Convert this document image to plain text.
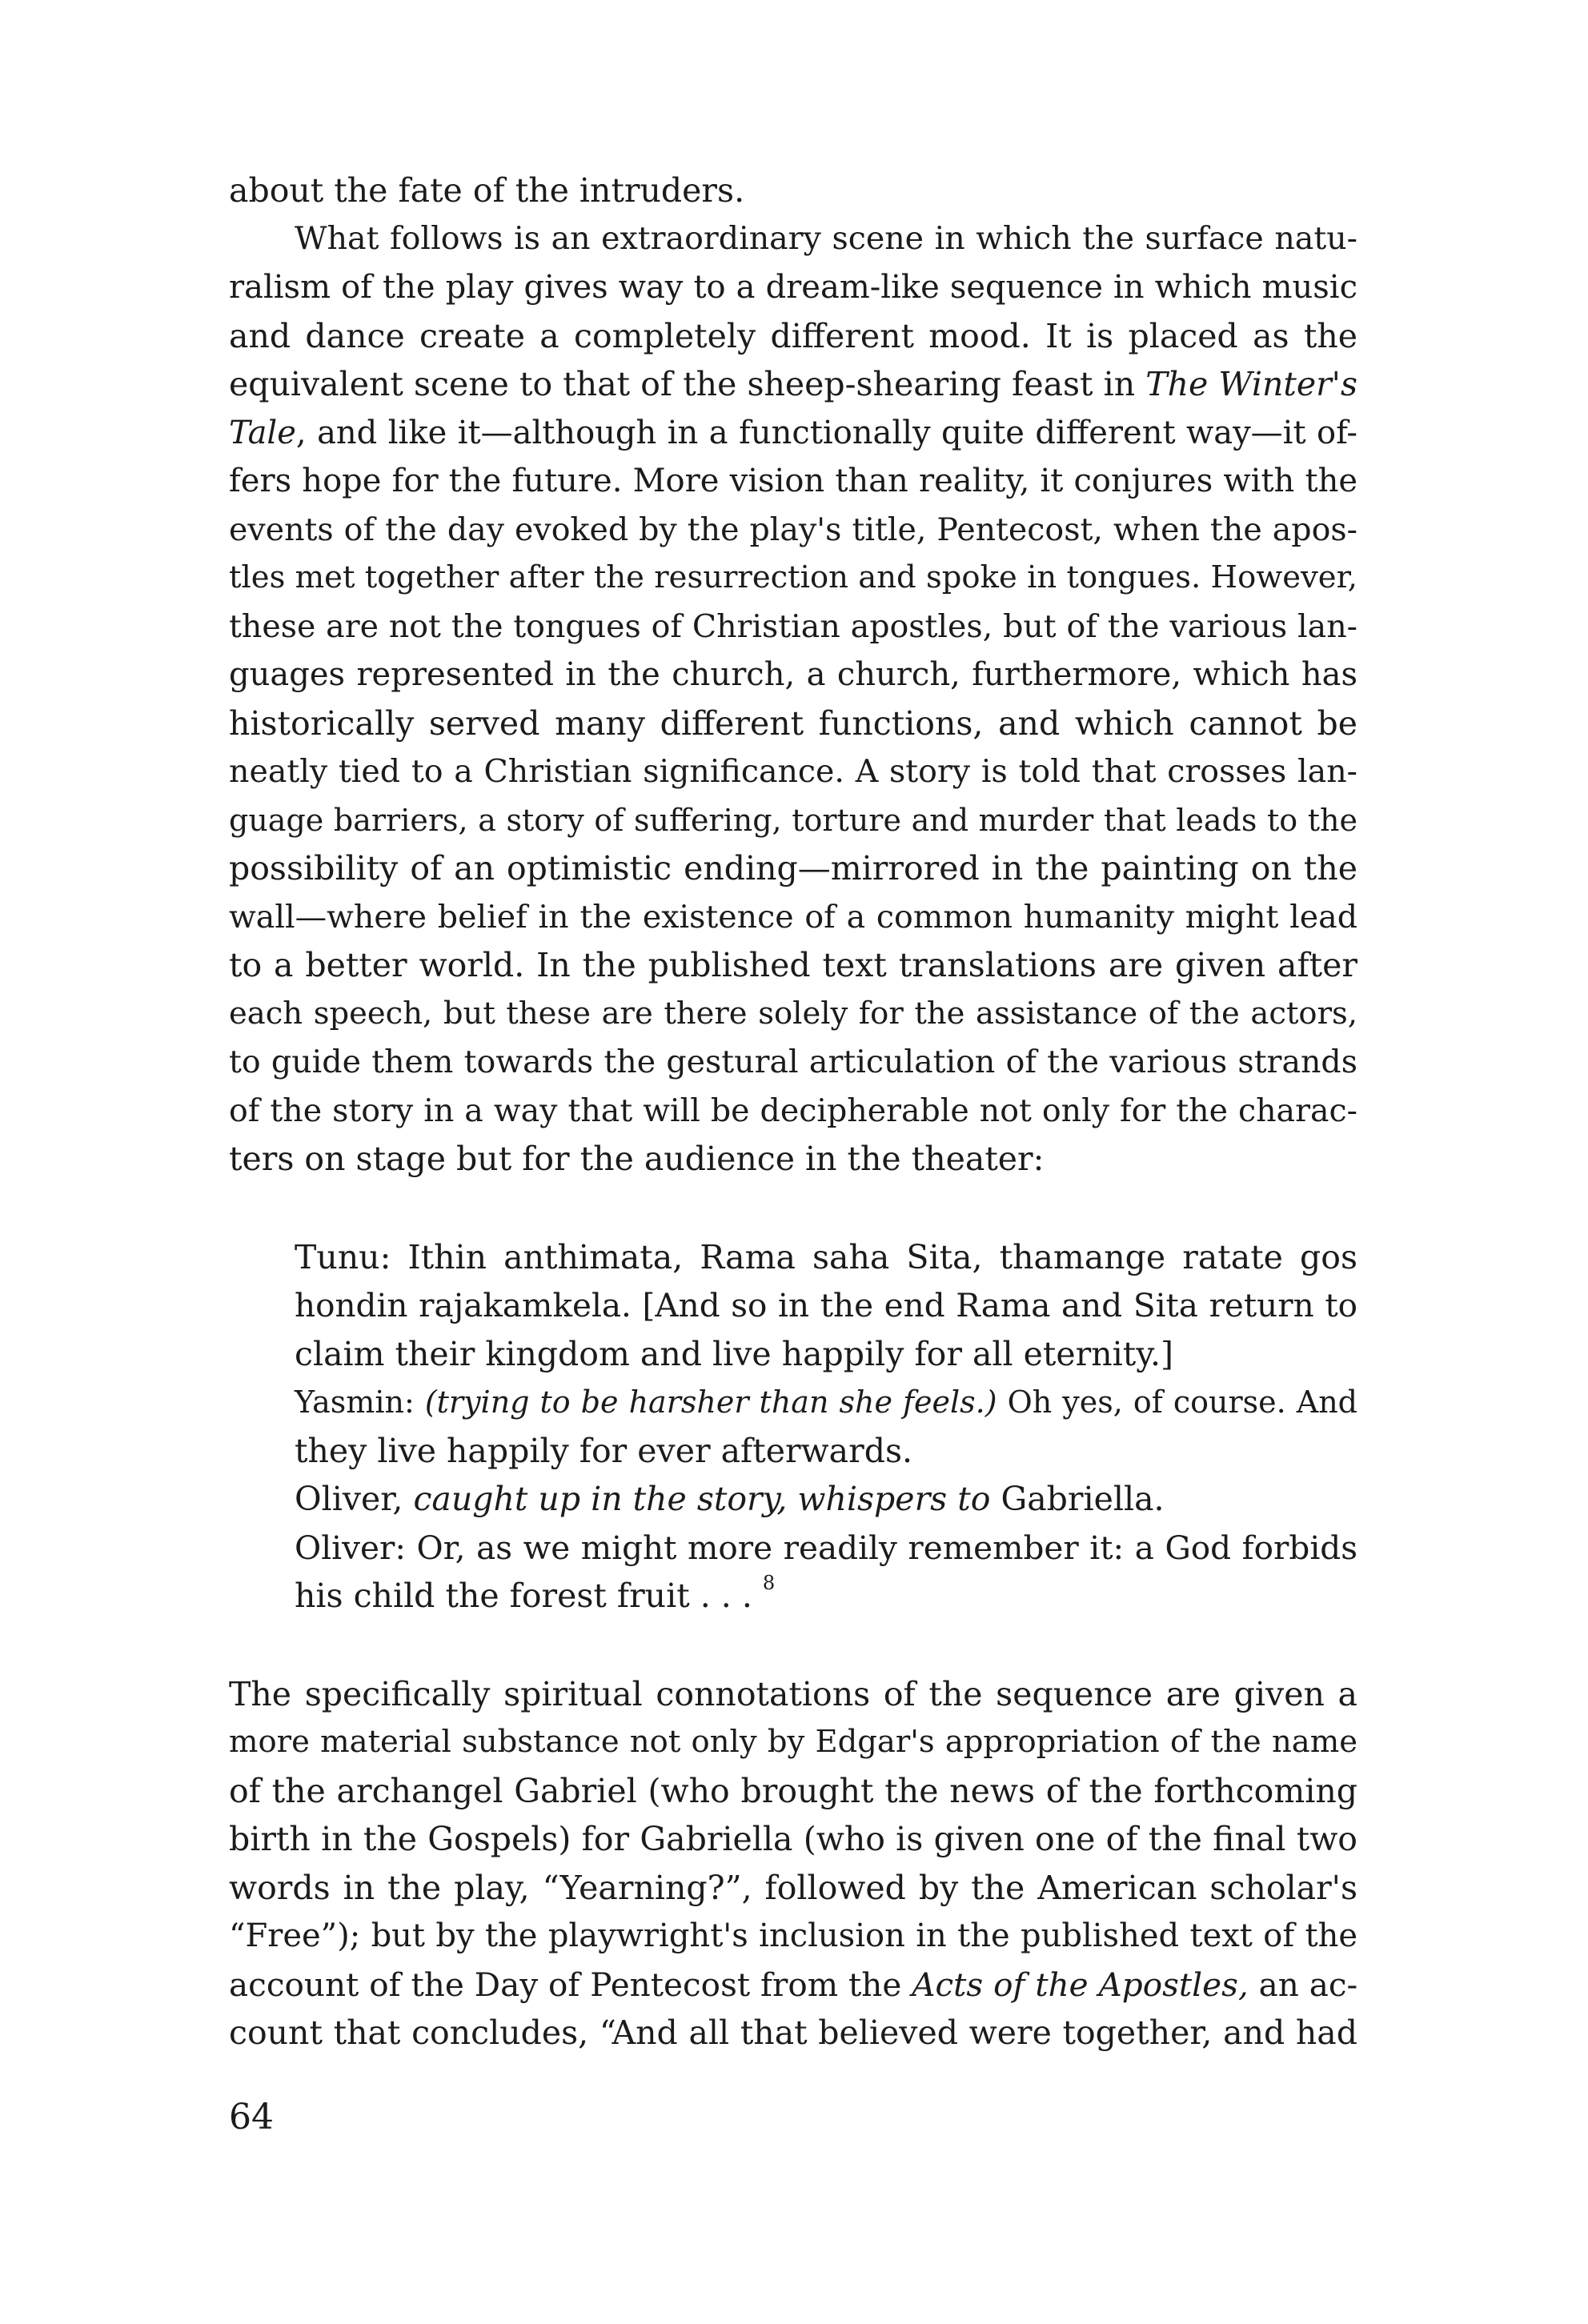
about the fate of the intruders.
What follows is an extraordinary scene in which the surface natu-
ralism of the play gives way to a dream-like sequence in which music
and dance create a completely different mood. It is placed as the
equivalent scene to that of the sheep-shearing feast in The Winter's
Tale, and like it—although in a functionally quite different way—it of-
fers hope for the future. More vision than reality, it conjures with the
events of the day evoked by the play's title, Pentecost, when the apos-
tles met together after the resurrection and spoke in tongues. However,
these are not the tongues of Christian apostles, but of the various lan-
guages represented in the church, a church, furthermore, which has
historically served many different functions, and which cannot be
neatly tied to a Christian significance. A story is told that crosses lan-
guage barriers, a story of suffering, torture and murder that leads to the
possibility of an optimistic ending—mirrored in the painting on the
wall—where belief in the existence of a common humanity might lead
to a better world. In the published text translations are given after
each speech, but these are there solely for the assistance of the actors,
to guide them towards the gestural articulation of the various strands
of the story in a way that will be decipherable not only for the charac-
ters on stage but for the audience in the theater:
Tunu: Ithin anthimata, Rama saha Sita, thamange ratate gos
hondin rajakamkela. [And so in the end Rama and Sita return to
claim their kingdom and live happily for all eternity.]
Yasmin: (trying to be harsher than she feels.) Oh yes, of course. And
they live happily for ever afterwards.
Oliver, caught up in the story, whispers to Gabriella.
Oliver: Or, as we might more readily remember it: a God forbids
his child the forest fruit . . . $^8$
The specifically spiritual connotations of the sequence are given a
more material substance not only by Edgar's appropriation of the name
of the archangel Gabriel (who brought the news of the forthcoming
birth in the Gospels) for Gabriella (who is given one of the final two
words in the play, “Yearning?”, followed by the American scholar's
“Free”); but by the playwright's inclusion in the published text of the
account of the Day of Pentecost from the Acts of the Apostles, an ac-
count that concludes, “And all that believed were together, and had
64
